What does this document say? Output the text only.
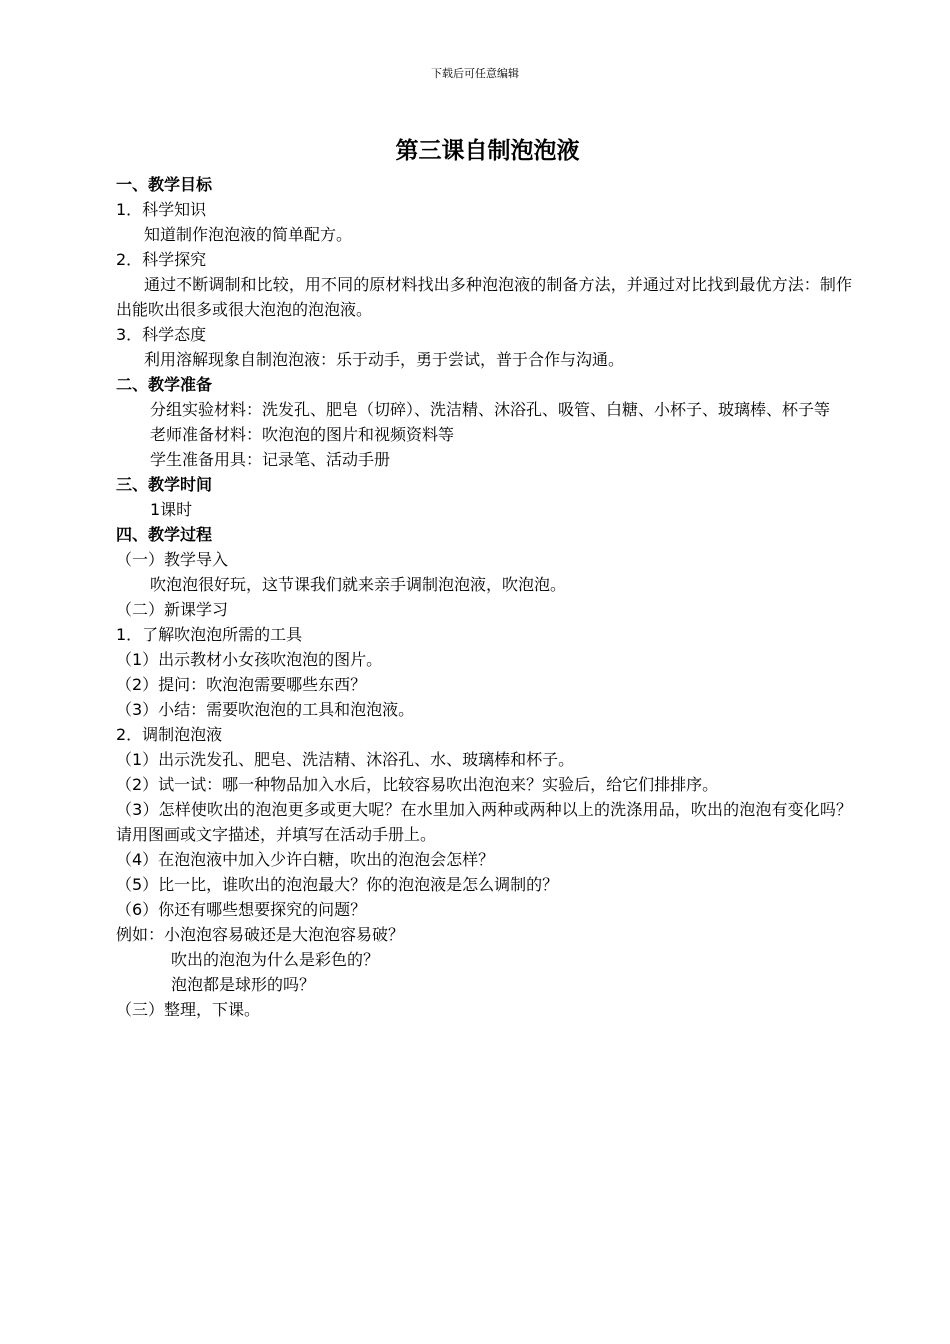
下载后可任意编辑
第三课自制泡泡液
一、教学目标
1．科学知识
知道制作泡泡液的简单配方。
2．科学探究
通过不断调制和比较，用不同的原材料找出多种泡泡液的制备方法，并通过对比找到最优方法：制作出能吹出很多或很大泡泡的泡泡液。
3．科学态度
利用溶解现象自制泡泡液：乐于动手，勇于尝试，普于合作与沟通。
二、教学准备
分组实验材料：洗发孔、肥皂（切碎）、洗洁精、沐浴孔、吸管、白糖、小杯子、玻璃棒、杯子等
老师准备材料：吹泡泡的图片和视频资料等
学生准备用具：记录笔、活动手册
三、教学时间
1课时
四、教学过程
（一）教学导入
吹泡泡很好玩，这节课我们就来亲手调制泡泡液，吹泡泡。
（二）新课学习
1．了解吹泡泡所需的工具
（1）出示教材小女孩吹泡泡的图片。
（2）提问：吹泡泡需要哪些东西？
（3）小结：需要吹泡泡的工具和泡泡液。
2．调制泡泡液
（1）出示洗发孔、肥皂、洗洁精、沐浴孔、水、玻璃棒和杯子。
（2）试一试：哪一种物品加入水后，比较容易吹出泡泡来？实验后，给它们排排序。
（3）怎样使吹出的泡泡更多或更大呢？在水里加入两种或两种以上的洗涤用品，吹出的泡泡有变化吗？请用图画或文字描述，并填写在活动手册上。
（4）在泡泡液中加入少许白糖，吹出的泡泡会怎样？
（5）比一比，谁吹出的泡泡最大？你的泡泡液是怎么调制的？
（6）你还有哪些想要探究的问题？
例如：小泡泡容易破还是大泡泡容易破？
吹出的泡泡为什么是彩色的？
泡泡都是球形的吗？
（三）整理，下课。
